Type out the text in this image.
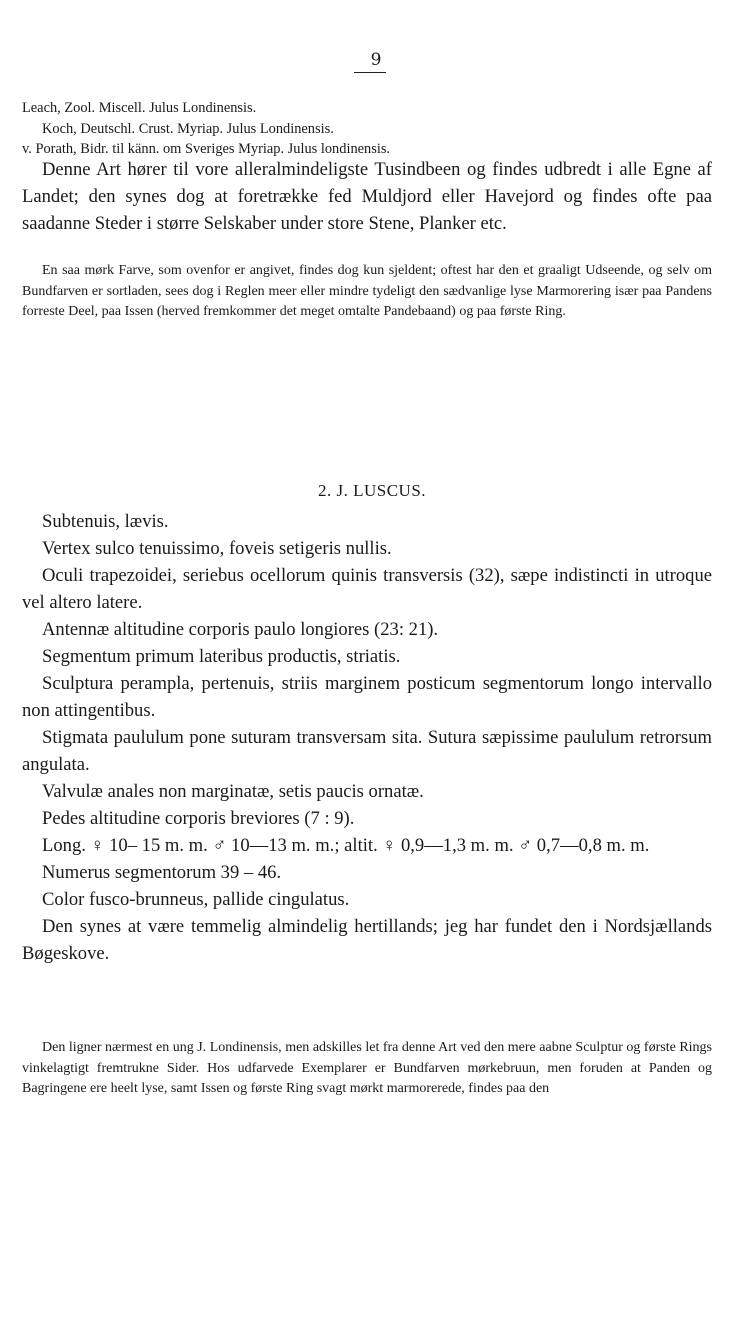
9

Leach, Zool. Miscell. Julus Londinensis.

Koch, Deutschl. Crust. Myriap. Julus Londinensis.

v. Porath, Bidr. til känn. om Sveriges Myriap. Julus londinensis.

Denne Art hører til vore alleralmindeligste Tusindbeen og findes udbredt i alle Egne af Landet; den synes dog at foretrække fed Muldjord eller Havejord og findes ofte paa saadanne Steder i større Selskaber under store Stene, Planker etc.

En saa mørk Farve, som ovenfor er angivet, findes dog kun sjeldent; oftest har den et graaligt Udseende, og selv om Bundfarven er sortladen, sees dog i Reglen meer eller mindre tydeligt den sædvanlige lyse Marmorering især paa Pandens forreste Deel, paa Issen (herved fremkommer det meget omtalte Pandebaand) og paa første Ring.

2. J. LUSCUS.

Subtenuis, lævis.

Vertex sulco tenuissimo, foveis setigeris nullis.

Oculi trapezoidei, seriebus ocellorum quinis transversis (32), sæpe indistincti in utroque vel altero latere.

Antennæ altitudine corporis paulo longiores (23: 21).

Segmentum primum lateribus productis, striatis.

Sculptura perampla, pertenuis, striis marginem posticum segmentorum longo intervallo non attingentibus.

Stigmata paululum pone suturam transversam sita. Sutura sæpissime paululum retrorsum angulata.

Valvulæ anales non marginatæ, setis paucis ornatæ.

Pedes altitudine corporis breviores (7 : 9).

Long. ♀ 10– 15 m. m. ♂ 10—13 m. m.; altit. ♀ 0,9—1,3 m. m. ♂ 0,7—0,8 m. m.

Numerus segmentorum 39 – 46.

Color fusco-brunneus, pallide cingulatus.

Den synes at være temmelig almindelig hertillands; jeg har fundet den i Nordsjællands Bøgeskove.

Den ligner nærmest en ung J. Londinensis, men adskilles let fra denne Art ved den mere aabne Sculptur og første Rings vinkelagtigt fremtrukne Sider. Hos udfarvede Exemplarer er Bundfarven mørkebruun, men foruden at Panden og Bagringene ere heelt lyse, samt Issen og første Ring svagt mørkt marmorerede, findes paa den
